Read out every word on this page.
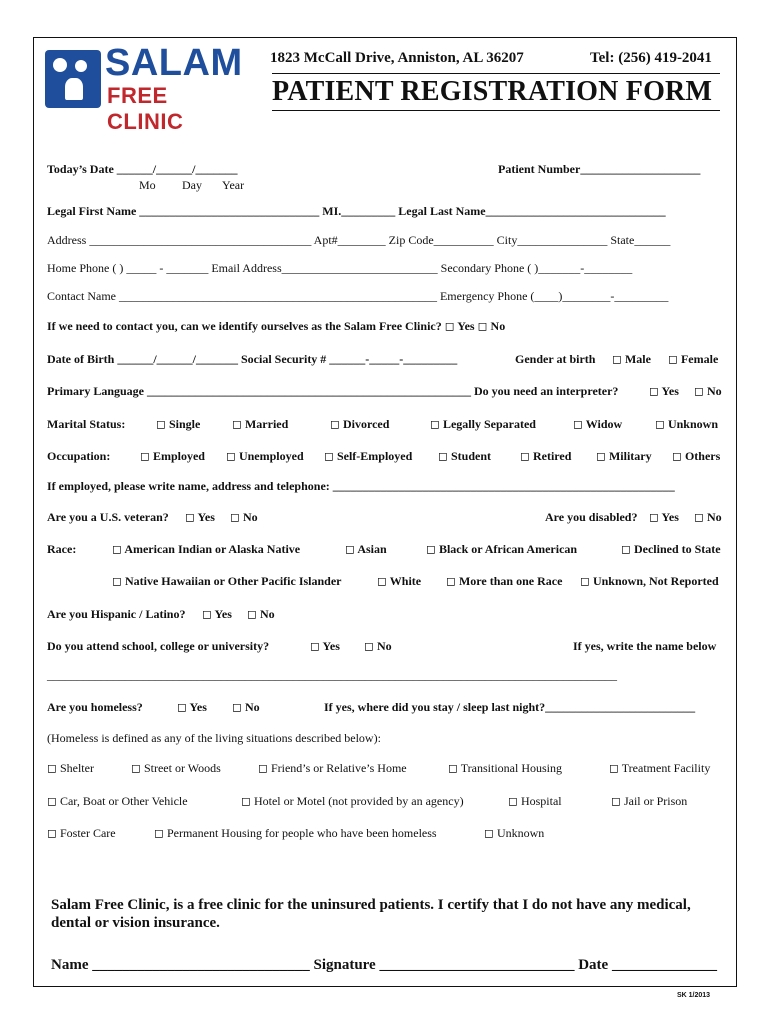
SALAM
FREE CLINIC
1823 McCall Drive, Anniston, AL 36207	Tel: (256) 419-2041
PATIENT REGISTRATION FORM
Today’s Date ______/______/_______
Mo Day Year
Patient Number____________________
Legal First Name ______________________________ MI._________ Legal Last Name______________________________
Address _____________________________________ Apt#________ Zip Code__________ City_______________ State______
Home Phone ( ) _____ - _______ Email Address__________________________ Secondary Phone ( )_______-________
Contact Name _____________________________________________________ Emergency Phone (____)________-_________
If we need to contact you, can we identify ourselves as the Salam Free Clinic? ◻ Yes ◻ No
Date of Birth ______/______/_______ Social Security # ______-_____-_________	Gender at birth ◻ Male ◻ Female
Primary Language ______________________________________________________ Do you need an interpreter?	◻ Yes ◻ No
Marital Status:	◻ Single	◻ Married	◻ Divorced	◻ Legally Separated	◻ Widow	◻ Unknown
Occupation: ◻ Employed ◻ Unemployed ◻ Self-Employed ◻ Student ◻ Retired ◻ Military ◻ Others
If employed, please write name, address and telephone: _________________________________________________________
Are you a U.S. veteran? ◻ Yes ◻ No	Are you disabled? ◻ Yes ◻ No
Race:	◻ American Indian or Alaska Native	◻ Asian	◻ Black or African American	◻ Declined to State
◻ Native Hawaiian or Other Pacific Islander	◻ White ◻ More than one Race ◻ Unknown, Not Reported
Are you Hispanic / Latino? ◻ Yes ◻ No
Do you attend school, college or university?	◻ Yes ◻ No	If yes, write the name below
_______________________________________________________________________________________________
Are you homeless?	◻ Yes ◻ No	If yes, where did you stay / sleep last night?_________________________
(Homeless is defined as any of the living situations described below):
◻ Shelter	◻ Street or Woods	◻ Friend’s or Relative’s Home	◻ Transitional Housing	◻ Treatment Facility
◻ Car, Boat or Other Vehicle	◻ Hotel or Motel (not provided by an agency)	◻ Hospital	◻ Jail or Prison
◻ Foster Care	◻ Permanent Housing for people who have been homeless	◻ Unknown
Salam Free Clinic, is a free clinic for the uninsured patients. I certify that I do not have any medical, dental or vision insurance.
Name _____________________________ Signature __________________________ Date ______________
SK 1/2013
